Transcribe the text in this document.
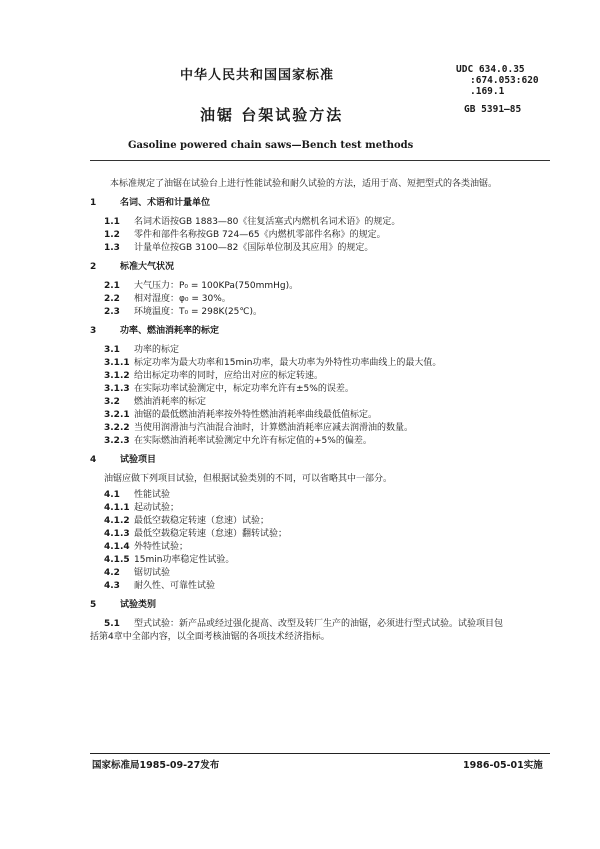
中华人民共和国国家标准	UDC 634.0.35
:674.053:620
.169.1
油锯 台架试验方法	GB 5391—85
Gasoline powered chain saws—Bench test methods

本标准规定了油锯在试验台上进行性能试验和耐久试验的方法，适用于高、短把型式的各类油锯。

1	名词、术语和计量单位

1.1 名词术语按GB 1883—80《往复活塞式内燃机名词术语》的规定。

1.2 零件和部件名称按GB 724—65《内燃机零部件名称》的规定。

1.3 计量单位按GB 3100—82《国际单位制及其应用》的规定。

2	标准大气状况

2.1 大气压力：P₀ = 100KPa(750mmHg)。

2.2 相对湿度：φ₀ = 30%。

2.3 环境温度：T₀ = 298K(25℃)。

3	功率、燃油消耗率的标定

3.1 功率的标定

3.1.1 标定功率为最大功率和15min功率，最大功率为外特性功率曲线上的最大值。

3.1.2 给出标定功率的同时，应给出对应的标定转速。

3.1.3 在实际功率试验测定中，标定功率允许有±5%的误差。

3.2 燃油消耗率的标定

3.2.1 油锯的最低燃油消耗率按外特性燃油消耗率曲线最低值标定。

3.2.2 当使用润滑油与汽油混合油时，计算燃油消耗率应减去润滑油的数量。

3.2.3 在实际燃油消耗率试验测定中允许有标定值的+5%的偏差。

4	试验项目

油锯应做下列项目试验，但根据试验类别的不同，可以省略其中一部分。

4.1 性能试验

4.1.1 起动试验；

4.1.2 最低空载稳定转速（怠速）试验；

4.1.3 最低空载稳定转速（怠速）翻转试验；

4.1.4 外特性试验；

4.1.5 15min功率稳定性试验。

4.2 锯切试验

4.3 耐久性、可靠性试验

5	试验类别

5.1 型式试验：新产品或经过强化提高、改型及转厂生产的油锯，必须进行型式试验。试验项目包

括第4章中全部内容，以全面考核油锯的各项技术经济指标。

国家标准局1985-09-27发布	1986-05-01实施
